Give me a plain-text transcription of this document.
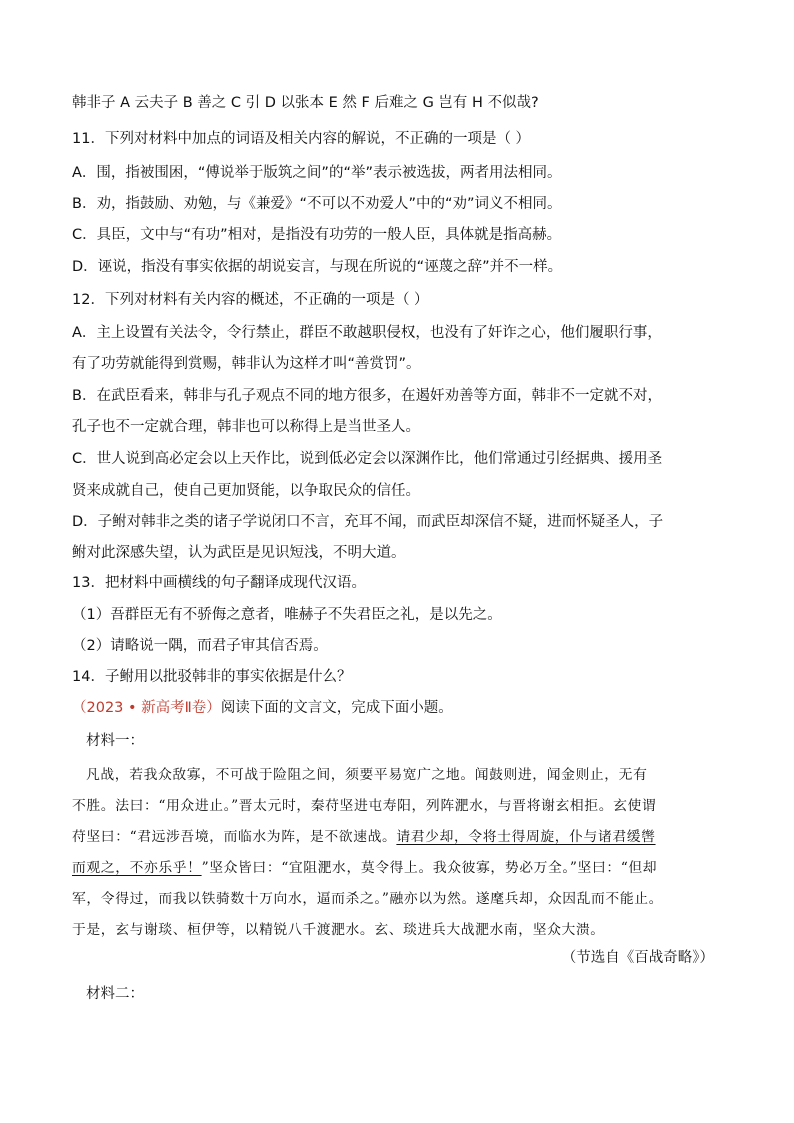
韩非子 A 云夫子 B 善之 C 引 D 以张本 E 然 F 后难之 G 岂有 H 不似哉?
11．下列对材料中加点的词语及相关内容的解说，不正确的一项是（ ）
A．围，指被围困，“傅说举于版筑之间”的“举”表示被选拔，两者用法相同。
B．劝，指鼓励、劝勉，与《兼爱》“不可以不劝爱人”中的“劝”词义不相同。
C．具臣，文中与“有功”相对，是指没有功劳的一般人臣，具体就是指高赫。
D．诬说，指没有事实依据的胡说妄言，与现在所说的“诬蔑之辞”并不一样。
12．下列对材料有关内容的概述，不正确的一项是（ ）
A．主上设置有关法令，令行禁止，群臣不敢越职侵权，也没有了奸诈之心，他们履职行事，
有了功劳就能得到赏赐，韩非认为这样才叫“善赏罚”。
B．在武臣看来，韩非与孔子观点不同的地方很多，在遏奸劝善等方面，韩非不一定就不对，
孔子也不一定就合理，韩非也可以称得上是当世圣人。
C．世人说到高必定会以上天作比，说到低必定会以深渊作比，他们常通过引经据典、援用圣
贤来成就自己，使自己更加贤能，以争取民众的信任。
D．子鲋对韩非之类的诸子学说闭口不言，充耳不闻，而武臣却深信不疑，进而怀疑圣人，子
鲋对此深感失望，认为武臣是见识短浅，不明大道。
13．把材料中画横线的句子翻译成现代汉语。
（1）吾群臣无有不骄侮之意者，唯赫子不失君臣之礼，是以先之。
（2）请略说一隅，而君子审其信否焉。
14．子鲋用以批驳韩非的事实依据是什么？
（2023 • 新高考Ⅱ卷）阅读下面的文言文，完成下面小题。
材料一：
凡战，若我众敌寡，不可战于险阻之间，须要平易宽广之地。闻鼓则进，闻金则止，无有
不胜。法曰：“用众进止。”晋太元时，秦苻坚进屯寿阳，列阵淝水，与晋将谢玄相拒。玄使谓
苻坚曰：“君远涉吾境，而临水为阵，是不欲速战。请君少却，令将士得周旋，仆与诸君缓辔
而观之，不亦乐乎！”坚众皆曰：“宜阻淝水，莫令得上。我众彼寡，势必万全。”坚曰：“但却
军，令得过，而我以铁骑数十万向水，逼而杀之。”融亦以为然。遂麾兵却，众因乱而不能止。
于是，玄与谢琰、桓伊等，以精锐八千渡淝水。玄、琰进兵大战淝水南，坚众大溃。
（节选自《百战奇略》）
材料二：
